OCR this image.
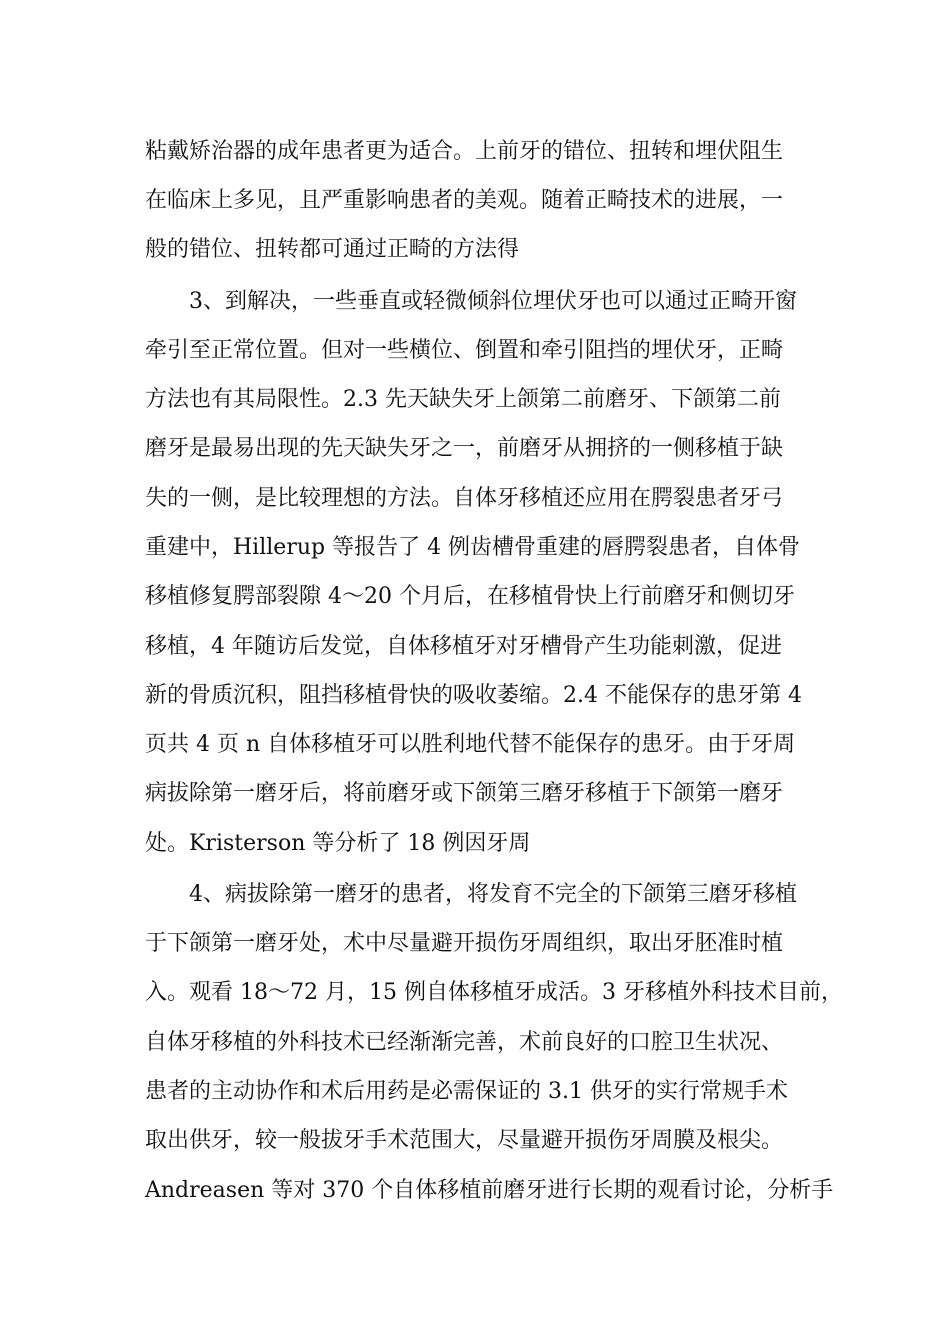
粘戴矫治器的成年患者更为适合。上前牙的错位、扭转和埋伏阻生
在临床上多见，且严重影响患者的美观。随着正畸技术的进展，一
般的错位、扭转都可通过正畸的方法得
3、到解决，一些垂直或轻微倾斜位埋伏牙也可以通过正畸开窗
牵引至正常位置。但对一些横位、倒置和牵引阻挡的埋伏牙，正畸
方法也有其局限性。2.3 先天缺失牙上颌第二前磨牙、下颌第二前
磨牙是最易出现的先天缺失牙之一，前磨牙从拥挤的一侧移植于缺
失的一侧，是比较理想的方法。自体牙移植还应用在腭裂患者牙弓
重建中，Hillerup 等报告了 4 例齿槽骨重建的唇腭裂患者，自体骨
移植修复腭部裂隙 4～20 个月后，在移植骨快上行前磨牙和侧切牙
移植，4 年随访后发觉，自体移植牙对牙槽骨产生功能刺激，促进
新的骨质沉积，阻挡移植骨快的吸收萎缩。2.4 不能保存的患牙第 4
页共 4 页 n 自体移植牙可以胜利地代替不能保存的患牙。由于牙周
病拔除第一磨牙后，将前磨牙或下颌第三磨牙移植于下颌第一磨牙
处。Kristerson 等分析了 18 例因牙周
4、病拔除第一磨牙的患者，将发育不完全的下颌第三磨牙移植
于下颌第一磨牙处，术中尽量避开损伤牙周组织，取出牙胚准时植
入。观看 18～72 月，15 例自体移植牙成活。3 牙移植外科技术目前，
自体牙移植的外科技术已经渐渐完善，术前良好的口腔卫生状况、
患者的主动协作和术后用药是必需保证的 3.1 供牙的实行常规手术
取出供牙，较一般拔牙手术范围大，尽量避开损伤牙周膜及根尖。
Andreasen 等对 370 个自体移植前磨牙进行长期的观看讨论，分析手
